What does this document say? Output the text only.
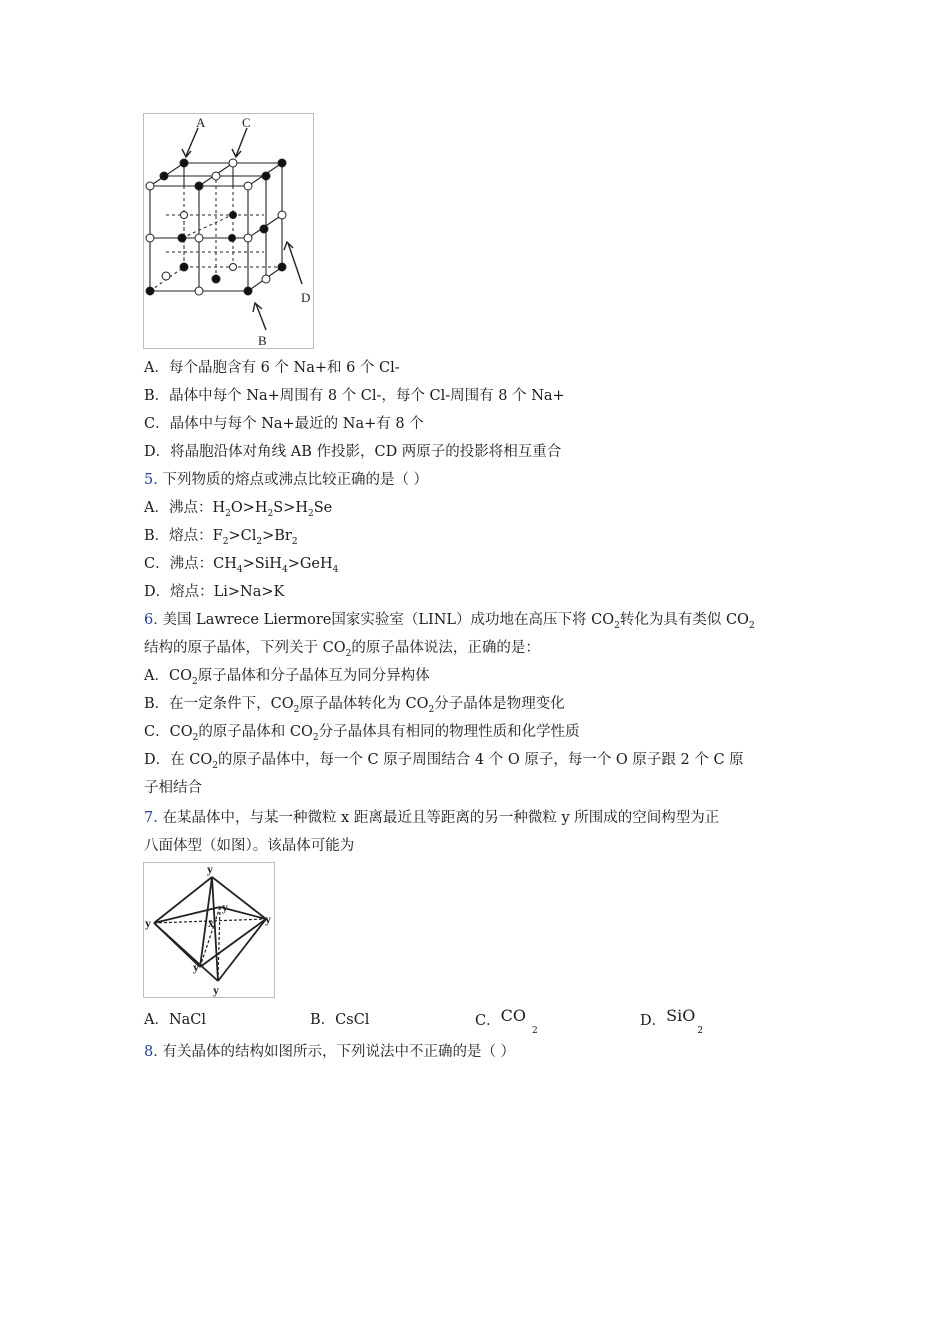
A	C
D
B
A．每个晶胞含有 6 个 Na+和 6 个 Cl-
B．晶体中每个 Na+周围有 8 个 Cl-，每个 Cl-周围有 8 个 Na+
C．晶体中与每个 Na+最近的 Na+有 8 个
D．将晶胞沿体对角线 AB 作投影，CD 两原子的投影将相互重合
5. 下列物质的熔点或沸点比较正确的是（ ）
A．沸点：$H_2O>H_2S>H_2Se$
B．熔点：$F_2>Cl_2>Br_2$
C．沸点：$CH_4>SiH_4>GeH_4$
D．熔点：Li>Na>K
6. 美国 Lawrece Liermore国家实验室（LINL）成功地在高压下将 $CO_2$转化为具有类似 $CO_2$
结构的原子晶体，下列关于 $CO_2$的原子晶体说法，正确的是：
A．$CO_2$原子晶体和分子晶体互为同分异构体
B．在一定条件下，$CO_2$原子晶体转化为 $CO_2$分子晶体是物理变化
C．$CO_2$的原子晶体和 $CO_2$分子晶体具有相同的物理性质和化学性质
D．在 $CO_2$的原子晶体中，每一个 C 原子周围结合 4 个 O 原子，每一个 O 原子跟 2 个 C 原
子相结合
7. 在某晶体中，与某一种微粒 x 距离最近且等距离的另一种微粒 y 所围成的空间构型为正
八面体型（如图）。该晶体可能为
y
y
y	y
x
y
y
A．NaCl	B．CsCl	C．$CO_2$
D．SiO$_2$
8. 有关晶体的结构如图所示，下列说法中不正确的是（ ）
